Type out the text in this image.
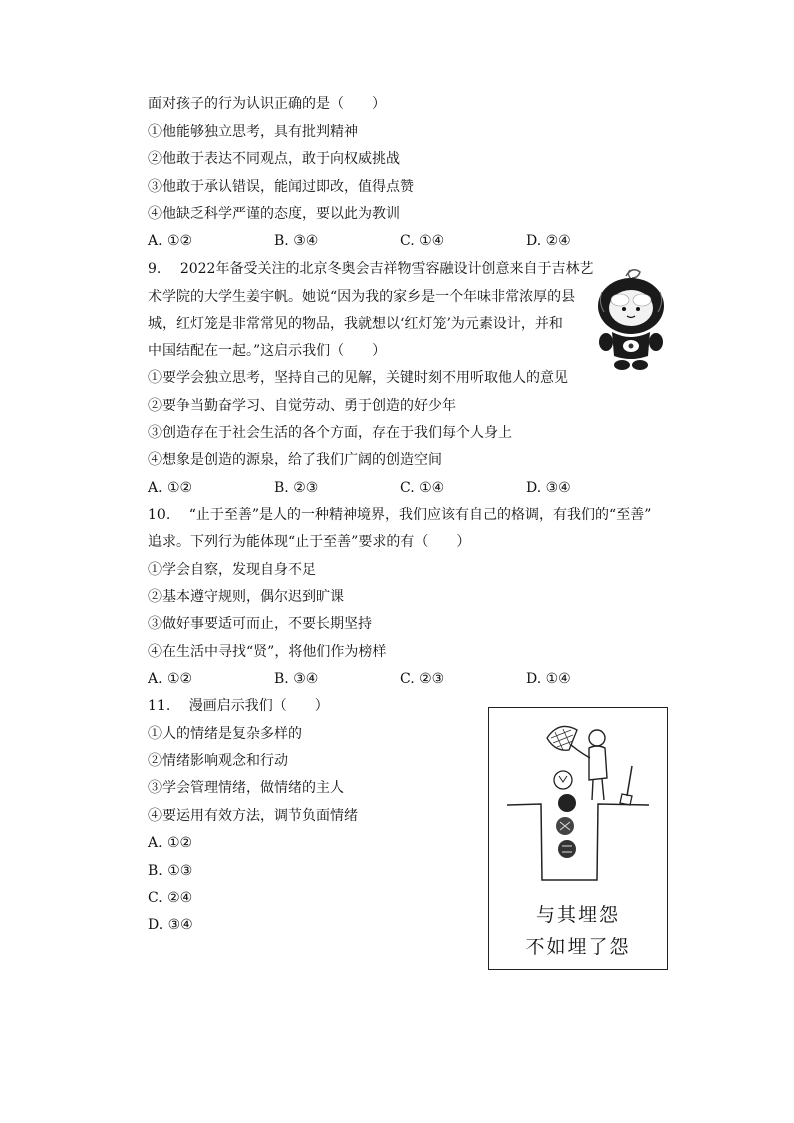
面对孩子的行为认识正确的是（　　）
①他能够独立思考，具有批判精神
②他敢于表达不同观点，敢于向权威挑战
③他敢于承认错误，能闻过即改，值得点赞
④他缺乏科学严谨的态度，要以此为教训
A. ①②	B. ③④	C. ①④	D. ②④
9. 2022年备受关注的北京冬奥会吉祥物雪容融设计创意来自于吉林艺
术学院的大学生姜宇帆。她说“因为我的家乡是一个年味非常浓厚的县
城，红灯笼是非常常见的物品，我就想以‘红灯笼’为元素设计，并和
中国结配在一起。”这启示我们（　　）
①要学会独立思考，坚持自己的见解，关键时刻不用听取他人的意见
②要争当勤奋学习、自觉劳动、勇于创造的好少年
③创造存在于社会生活的各个方面，存在于我们每个人身上
④想象是创造的源泉，给了我们广阔的创造空间
A. ①②	B. ②③	C. ①④	D. ③④
10. “止于至善”是人的一种精神境界，我们应该有自己的格调，有我们的“至善”
追求。下列行为能体现“止于至善”要求的有（　　）
①学会自察，发现自身不足
②基本遵守规则，偶尔迟到旷课
③做好事要适可而止，不要长期坚持
④在生活中寻找“贤”，将他们作为榜样
A. ①②	B. ③④	C. ②③	D. ①④
11. 漫画启示我们（　　）
①人的情绪是复杂多样的
②情绪影响观念和行动
③学会管理情绪，做情绪的主人
④要运用有效方法，调节负面情绪
A. ①②
B. ①③
C. ②④
D. ③④	与其埋怨
不如埋了怨
